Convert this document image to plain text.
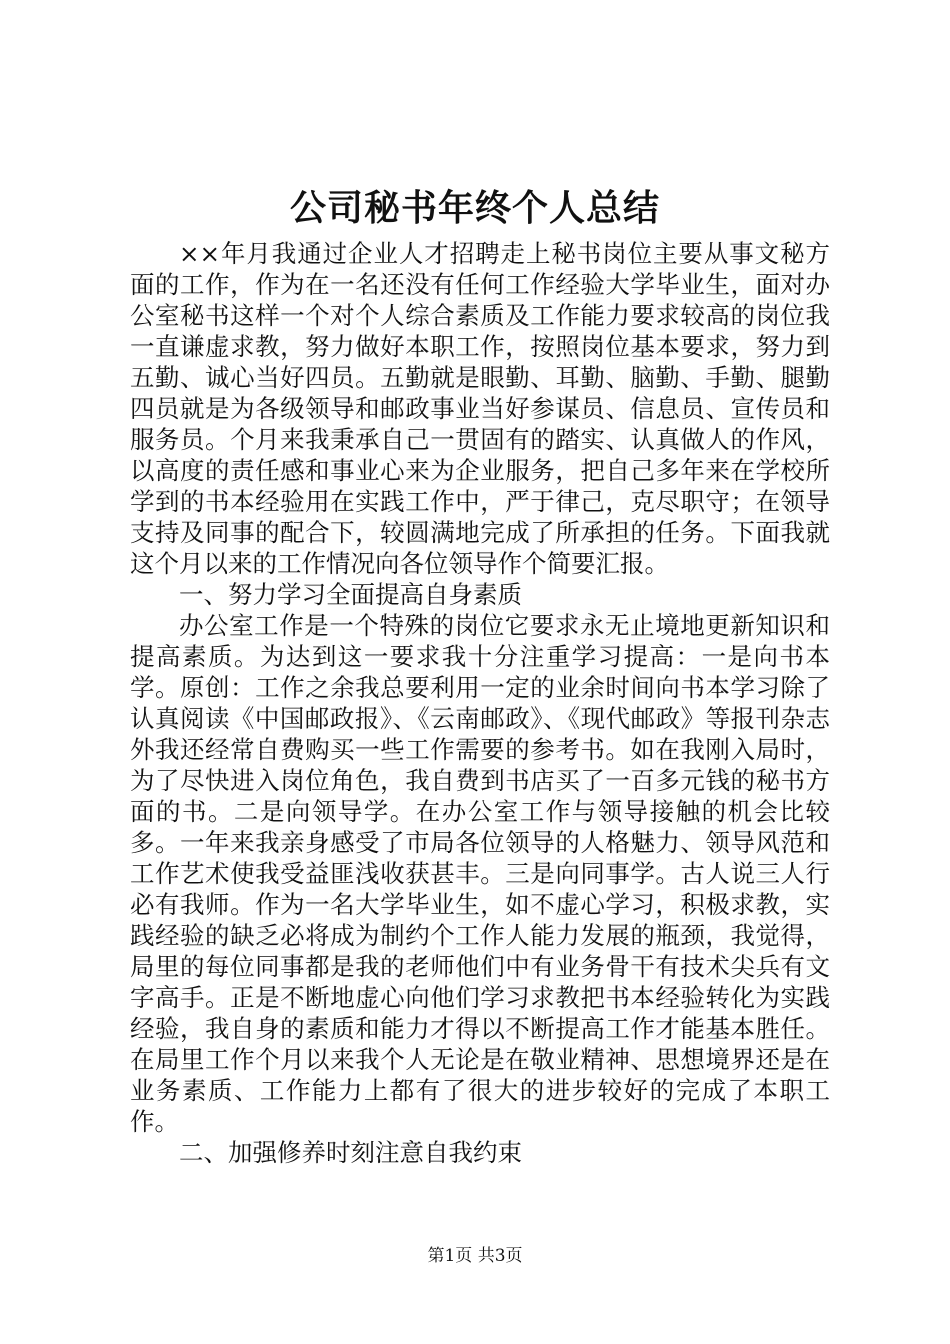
公司秘书年终个人总结

××年月我通过企业人才招聘走上秘书岗位主要从事文秘方面的工作，作为在一名还没有任何工作经验大学毕业生，面对办公室秘书这样一个对个人综合素质及工作能力要求较高的岗位我一直谦虚求教，努力做好本职工作，按照岗位基本要求，努力到五勤、诚心当好四员。五勤就是眼勤、耳勤、脑勤、手勤、腿勤四员就是为各级领导和邮政事业当好参谋员、信息员、宣传员和服务员。个月来我秉承自己一贯固有的踏实、认真做人的作风，以高度的责任感和事业心来为企业服务，把自己多年来在学校所学到的书本经验用在实践工作中，严于律己，克尽职守；在领导支持及同事的配合下，较圆满地完成了所承担的任务。下面我就这个月以来的工作情况向各位领导作个简要汇报。

一、努力学习全面提高自身素质

办公室工作是一个特殊的岗位它要求永无止境地更新知识和提高素质。为达到这一要求我十分注重学习提高：一是向书本学。原创：工作之余我总要利用一定的业余时间向书本学习除了认真阅读《中国邮政报》、《云南邮政》、《现代邮政》等报刊杂志外我还经常自费购买一些工作需要的参考书。如在我刚入局时，为了尽快进入岗位角色，我自费到书店买了一百多元钱的秘书方面的书。二是向领导学。在办公室工作与领导接触的机会比较多。一年来我亲身感受了市局各位领导的人格魅力、领导风范和工作艺术使我受益匪浅收获甚丰。三是向同事学。古人说三人行必有我师。作为一名大学毕业生，如不虚心学习，积极求教，实践经验的缺乏必将成为制约个工作人能力发展的瓶颈，我觉得，局里的每位同事都是我的老师他们中有业务骨干有技术尖兵有文字高手。正是不断地虚心向他们学习求教把书本经验转化为实践经验，我自身的素质和能力才得以不断提高工作才能基本胜任。在局里工作个月以来我个人无论是在敬业精神、思想境界还是在业务素质、工作能力上都有了很大的进步较好的完成了本职工作。

二、加强修养时刻注意自我约束

第1页 共3页
